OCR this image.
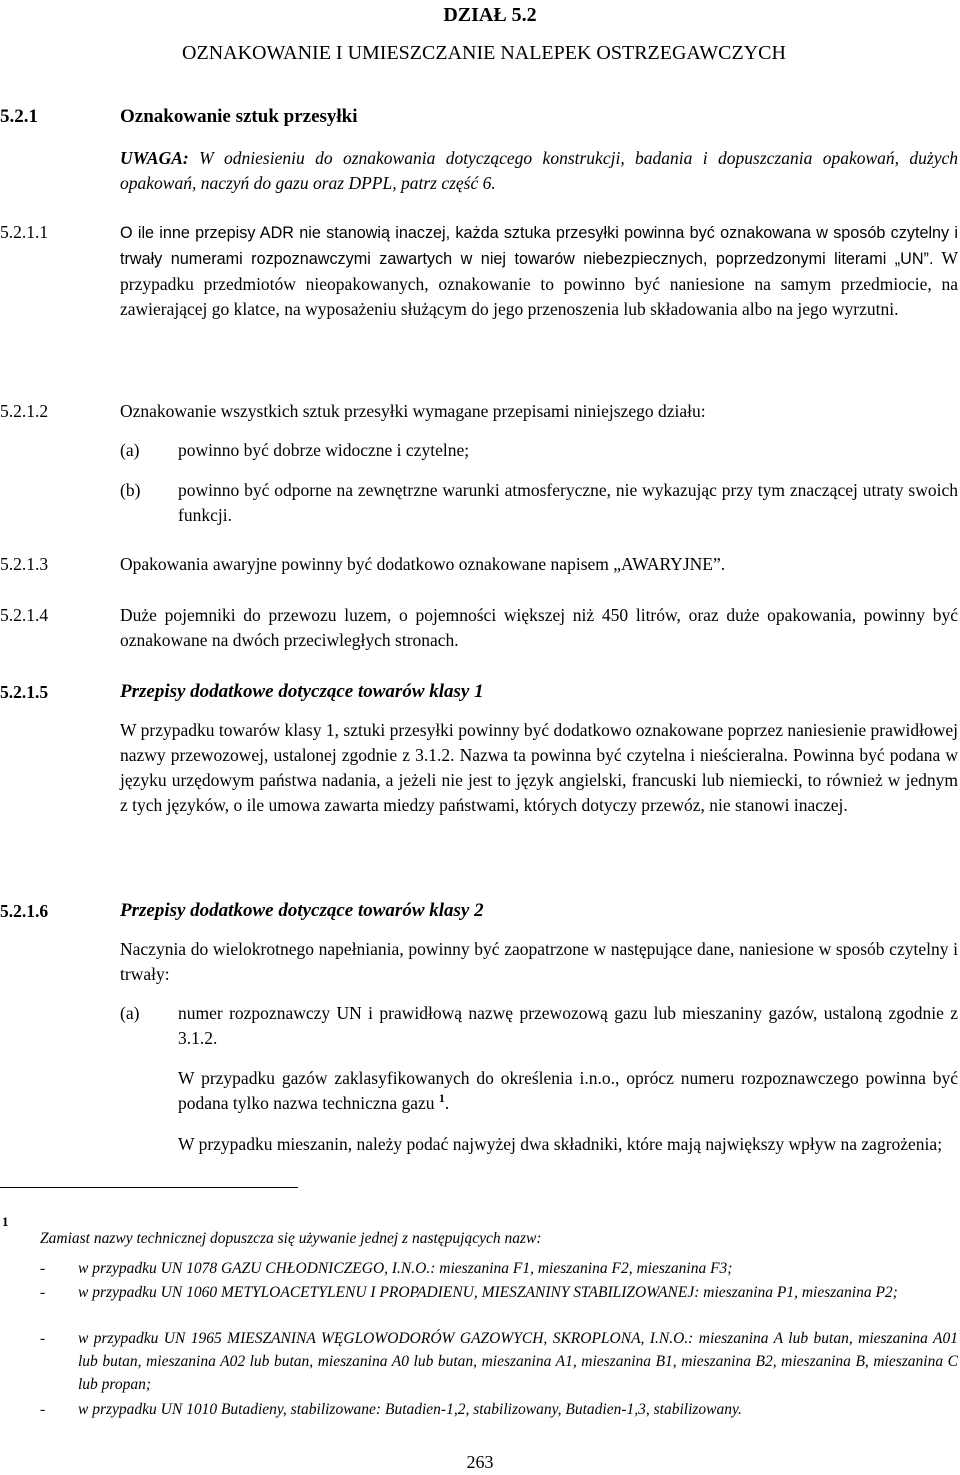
DZIAŁ 5.2
OZNAKOWANIE I UMIESZCZANIE NALEPEK OSTRZEGAWCZYCH
5.2.1	Oznakowanie sztuk przesyłki
UWAGA: W odniesieniu do oznakowania dotyczącego konstrukcji, badania i dopuszczania opakowań, dużych opakowań, naczyń do gazu oraz DPPL, patrz część 6.
5.2.1.1	O ile inne przepisy ADR nie stanowią inaczej, każda sztuka przesyłki powinna być oznakowana w sposób czytelny i trwały numerami rozpoznawczymi zawartych w niej towarów niebezpiecznych, poprzedzonymi literami „UN”. W przypadku przedmiotów nieopakowanych, oznakowanie to powinno być naniesione na samym przedmiocie, na zawierającej go klatce, na wyposażeniu służącym do jego przenoszenia lub składowania albo na jego wyrzutni.
5.2.1.2	Oznakowanie wszystkich sztuk przesyłki wymagane przepisami niniejszego działu:
(a) powinno być dobrze widoczne i czytelne;
(b) powinno być odporne na zewnętrzne warunki atmosferyczne, nie wykazując przy tym znaczącej utraty swoich funkcji.
5.2.1.3	Opakowania awaryjne powinny być dodatkowo oznakowane napisem „AWARYJNE”.
5.2.1.4	Duże pojemniki do przewozu luzem, o pojemności większej niż 450 litrów, oraz duże opakowania, powinny być oznakowane na dwóch przeciwległych stronach.
5.2.1.5	Przepisy dodatkowe dotyczące towarów klasy 1
W przypadku towarów klasy 1, sztuki przesyłki powinny być dodatkowo oznakowane poprzez naniesienie prawidłowej nazwy przewozowej, ustalonej zgodnie z 3.1.2. Nazwa ta powinna być czytelna i nieścieralna. Powinna być podana w języku urzędowym państwa nadania, a jeżeli nie jest to język angielski, francuski lub niemiecki, to również w jednym z tych języków, o ile umowa zawarta miedzy państwami, których dotyczy przewóz, nie stanowi inaczej.
5.2.1.6	Przepisy dodatkowe dotyczące towarów klasy 2
Naczynia do wielokrotnego napełniania, powinny być zaopatrzone w następujące dane, naniesione w sposób czytelny i trwały:
(a) numer rozpoznawczy UN i prawidłową nazwę przewozową gazu lub mieszaniny gazów, ustaloną zgodnie z 3.1.2.
W przypadku gazów zaklasyfikowanych do określenia i.n.o., oprócz numeru rozpoznawczego powinna być podana tylko nazwa techniczna gazu $^1$.
W przypadku mieszanin, należy podać najwyżej dwa składniki, które mają największy wpływ na zagrożenia;
1
Zamiast nazwy technicznej dopuszcza się używanie jednej z następujących nazw:
- w przypadku UN 1078 GAZU CHŁODNICZEGO, I.N.O.: mieszanina F1, mieszanina F2, mieszanina F3;
- w przypadku UN 1060 METYLOACETYLENU I PROPADIENU, MIESZANINY STABILIZOWANEJ: mieszanina P1, mieszanina P2;
- w przypadku UN 1965 MIESZANINA WĘGLOWODORÓW GAZOWYCH, SKROPLONA, I.N.O.: mieszanina A lub butan, mieszanina A01 lub butan, mieszanina A02 lub butan, mieszanina A0 lub butan, mieszanina A1, mieszanina B1, mieszanina B2, mieszanina B, mieszanina C lub propan;
- w przypadku UN 1010 Butadieny, stabilizowane: Butadien-1,2, stabilizowany, Butadien-1,3, stabilizowany.
263
